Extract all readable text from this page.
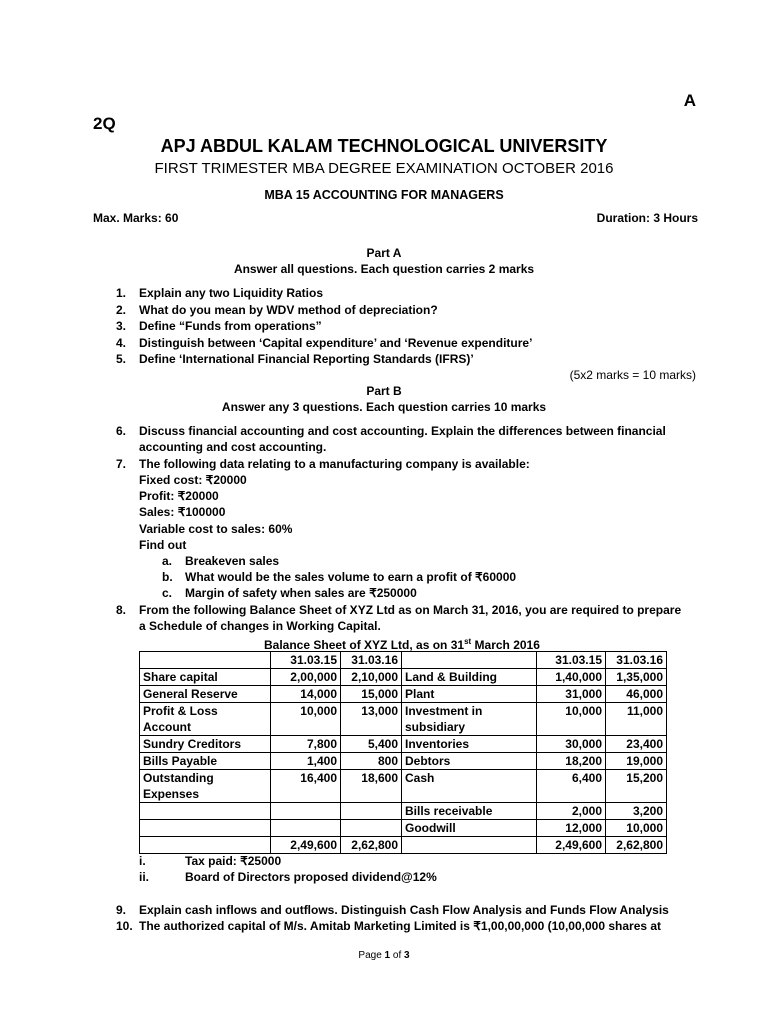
A
2Q
APJ ABDUL KALAM TECHNOLOGICAL UNIVERSITY
FIRST TRIMESTER MBA DEGREE EXAMINATION OCTOBER 2016
MBA 15 ACCOUNTING FOR MANAGERS
Max. Marks: 60	Duration: 3 Hours
Part A
Answer all questions. Each question carries 2 marks
1.	Explain any two Liquidity Ratios
2.	What do you mean by WDV method of depreciation?
3.	Define “Funds from operations”
4.	Distinguish between ‘Capital expenditure’ and ‘Revenue expenditure’
5.	Define ‘International Financial Reporting Standards (IFRS)’
(5x2 marks = 10 marks)
Part B
Answer any 3 questions. Each question carries 10 marks
6. Discuss financial accounting and cost accounting. Explain the differences between financial
accounting and cost accounting.
7. The following data relating to a manufacturing company is available:
Fixed cost: ₹20000
Profit: ₹20000
Sales: ₹100000
Variable cost to sales: 60%
Find out
a. Breakeven sales
b. What would be the sales volume to earn a profit of ₹60000
c. Margin of safety when sales are ₹250000
8. From the following Balance Sheet of XYZ Ltd as on March 31, 2016, you are required to prepare
a Schedule of changes in Working Capital.
Balance Sheet of XYZ Ltd, as on 31st March 2016
	31.03.15	31.03.16		31.03.15	31.03.16
Share capital	2,00,000	2,10,000	Land & Building	1,40,000	1,35,000
General Reserve	14,000	15,000	Plant	31,000	46,000
Profit & Loss Account	10,000	13,000	Investment in subsidiary	10,000	11,000
Sundry Creditors	7,800	5,400	Inventories	30,000	23,400
Bills Payable	1,400	800	Debtors	18,200	19,000
Outstanding Expenses	16,400	18,600	Cash	6,400	15,200
			Bills receivable	2,000	3,200
			Goodwill	12,000	10,000
	2,49,600	2,62,800		2,49,600	2,62,800
i.	Tax paid: ₹25000
ii.	Board of Directors proposed dividend@12%
9. Explain cash inflows and outflows. Distinguish Cash Flow Analysis and Funds Flow Analysis
10. The authorized capital of M/s. Amitab Marketing Limited is ₹1,00,00,000 (10,00,000 shares at
Page 1 of 3
